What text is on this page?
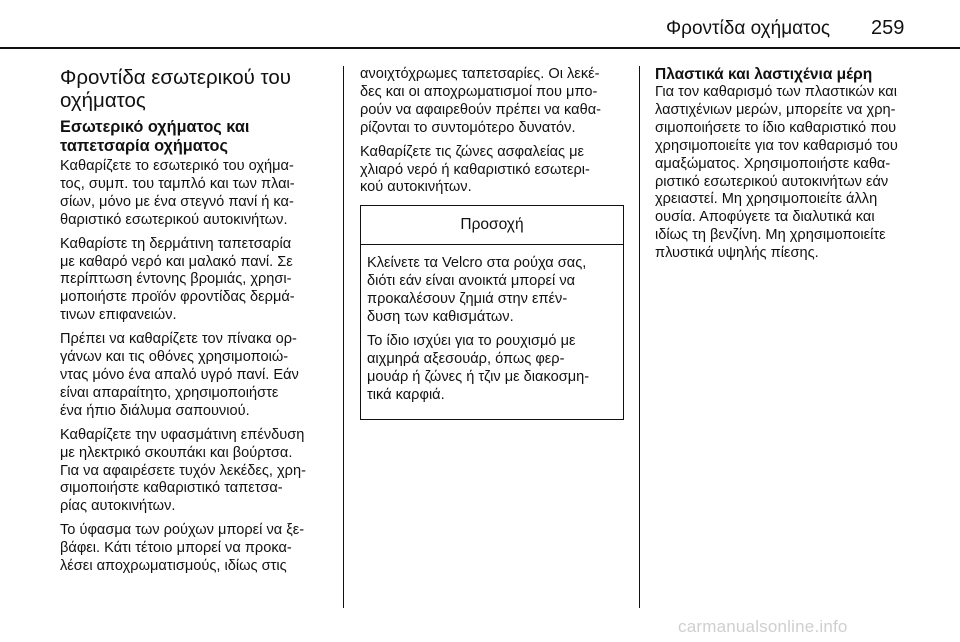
Φροντίδα οχήματος 259
Φροντίδα εσωτερικού του
οχήματος
Εσωτερικό οχήματος και
ταπετσαρία οχήματος

Καθαρίζετε το εσωτερικό του οχήμα-
τος, συμπ. του ταμπλό και των πλαι-
σίων, μόνο με ένα στεγνό πανί ή κα-
θαριστικό εσωτερικού αυτοκινήτων.

Καθαρίστε τη δερμάτινη ταπετσαρία
με καθαρό νερό και μαλακό πανί. Σε
περίπτωση έντονης βρομιάς, χρησι-
μοποιήστε προϊόν φροντίδας δερμά-
τινων επιφανειών.

Πρέπει να καθαρίζετε τον πίνακα ορ-
γάνων και τις οθόνες χρησιμοποιώ-
ντας μόνο ένα απαλό υγρό πανί. Εάν
είναι απαραίτητο, χρησιμοποιήστε
ένα ήπιο διάλυμα σαπουνιού.

Καθαρίζετε την υφασμάτινη επένδυση
με ηλεκτρικό σκουπάκι και βούρτσα.
Για να αφαιρέσετε τυχόν λεκέδες, χρη-
σιμοποιήστε καθαριστικό ταπετσα-
ρίας αυτοκινήτων.

Το ύφασμα των ρούχων μπορεί να ξε-
βάφει. Κάτι τέτοιο μπορεί να προκα-
λέσει αποχρωματισμούς, ιδίως στις

ανοιχτόχρωμες ταπετσαρίες. Οι λεκέ-
δες και οι αποχρωματισμοί που μπο-
ρούν να αφαιρεθούν πρέπει να καθα-
ρίζονται το συντομότερο δυνατόν.

Καθαρίζετε τις ζώνες ασφαλείας με
χλιαρό νερό ή καθαριστικό εσωτερι-
κού αυτοκινήτων.

Προσοχή

Κλείνετε τα Velcro στα ρούχα σας,
διότι εάν είναι ανοικτά μπορεί να
προκαλέσουν ζημιά στην επέν-
δυση των καθισμάτων.

Το ίδιο ισχύει για το ρουχισμό με
αιχμηρά αξεσουάρ, όπως φερ-
μουάρ ή ζώνες ή τζιν με διακοσμη-
τικά καρφιά.

Πλαστικά και λαστιχένια μέρη

Για τον καθαρισμό των πλαστικών και
λαστιχένιων μερών, μπορείτε να χρη-
σιμοποιήσετε το ίδιο καθαριστικό που
χρησιμοποιείτε για τον καθαρισμό του
αμαξώματος. Χρησιμοποιήστε καθα-
ριστικό εσωτερικού αυτοκινήτων εάν
χρειαστεί. Μη χρησιμοποιείτε άλλη
ουσία. Αποφύγετε τα διαλυτικά και
ιδίως τη βενζίνη. Μη χρησιμοποιείτε
πλυστικά υψηλής πίεσης.

carmanualsonline.info
